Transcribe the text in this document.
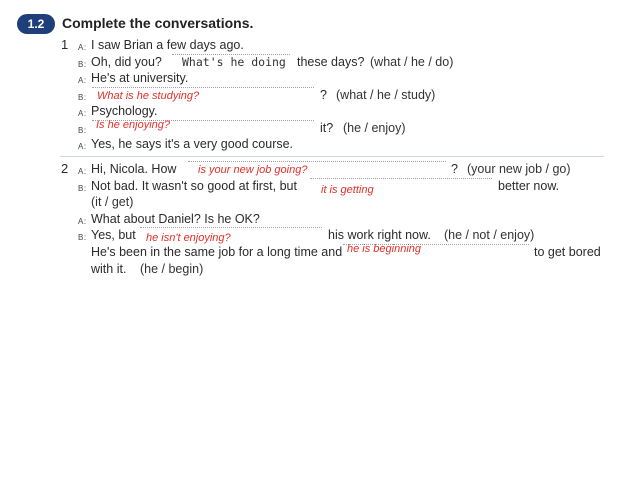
1.2	Complete the conversations.
1 A: I saw Brian a few days ago.
B: Oh, did you? What's he doing these days? (what / he / do)
A: He's at university.
B: What is he studying?	? (what / he / study)
A: Psychology.
B: Is he enjoying?	it? (he / enjoy)
A: Yes, he says it's a very good course.
2 A: Hi, Nicola. How is your new job going?	? (your new job / go)
B: Not bad. It wasn't so good at first, but it is getting	better now.
(it / get)
A: What about Daniel? Is he OK?
B: Yes, but he isn't enjoying?	his work right now. (he / not / enjoy)
He's been in the same job for a long time and he is beginning	to get bored
with it. (he / begin)
